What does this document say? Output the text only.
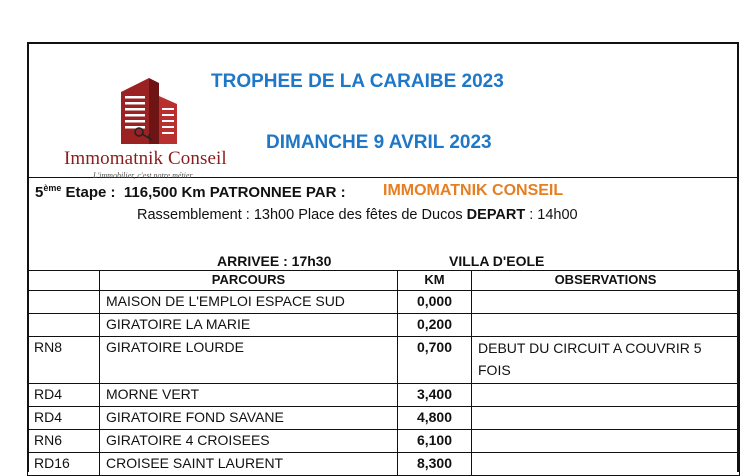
Immomatnik Conseil
L'immobilier, c'est notre métier
TROPHEE DE LA CARAIBE 2023
DIMANCHE 9 AVRIL 2023
5ème Etape : 116,500 Km PATRONNEE PAR : IMMOMATNIK CONSEIL
Rassemblement : 13h00 Place des fêtes de Ducos DEPART : 14h00
ARRIVEE : 17h30	VILLA D'EOLE
	PARCOURS	KM	OBSERVATIONS
	MAISON DE L'EMPLOI ESPACE SUD	0,000	
	GIRATOIRE LA MARIE	0,200	
RN8	GIRATOIRE LOURDE	0,700	DEBUT DU CIRCUIT A COUVRIR 5 FOIS
RD4	MORNE VERT	3,400	
RD4	GIRATOIRE FOND SAVANE	4,800	
RN6	GIRATOIRE 4 CROISEES	6,100	
RD16	CROISEE SAINT LAURENT	8,300	
